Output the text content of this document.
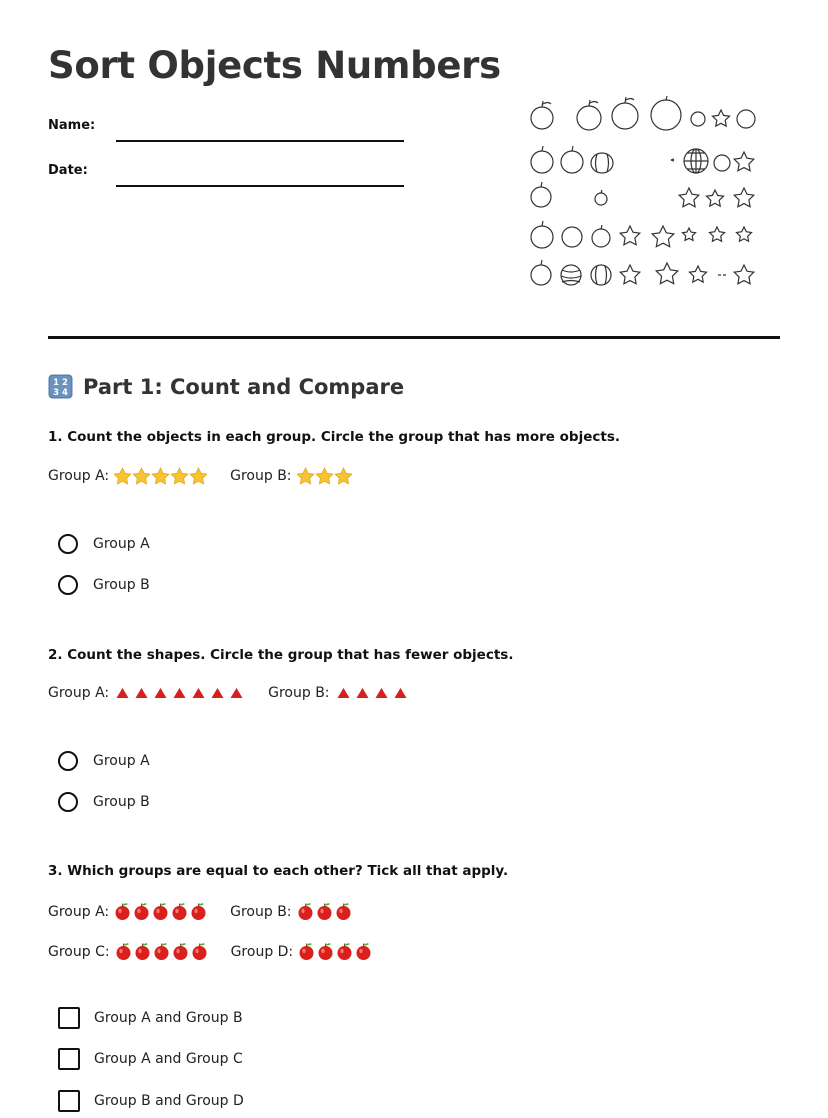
Sort Objects Numbers
Name:
Date:
1 2
3 4 Part 1: Count and Compare

1. Count the objects in each group. Circle the group that has more objects.

Group A:	Group B:
Group A
Group B

2. Count the shapes. Circle the group that has fewer objects.

Group A:	Group B:
Group A
Group B

3. Which groups are equal to each other? Tick all that apply.

Group A:	Group B:
Group C:	Group D:
Group A and Group B
Group A and Group C
Group B and Group D
